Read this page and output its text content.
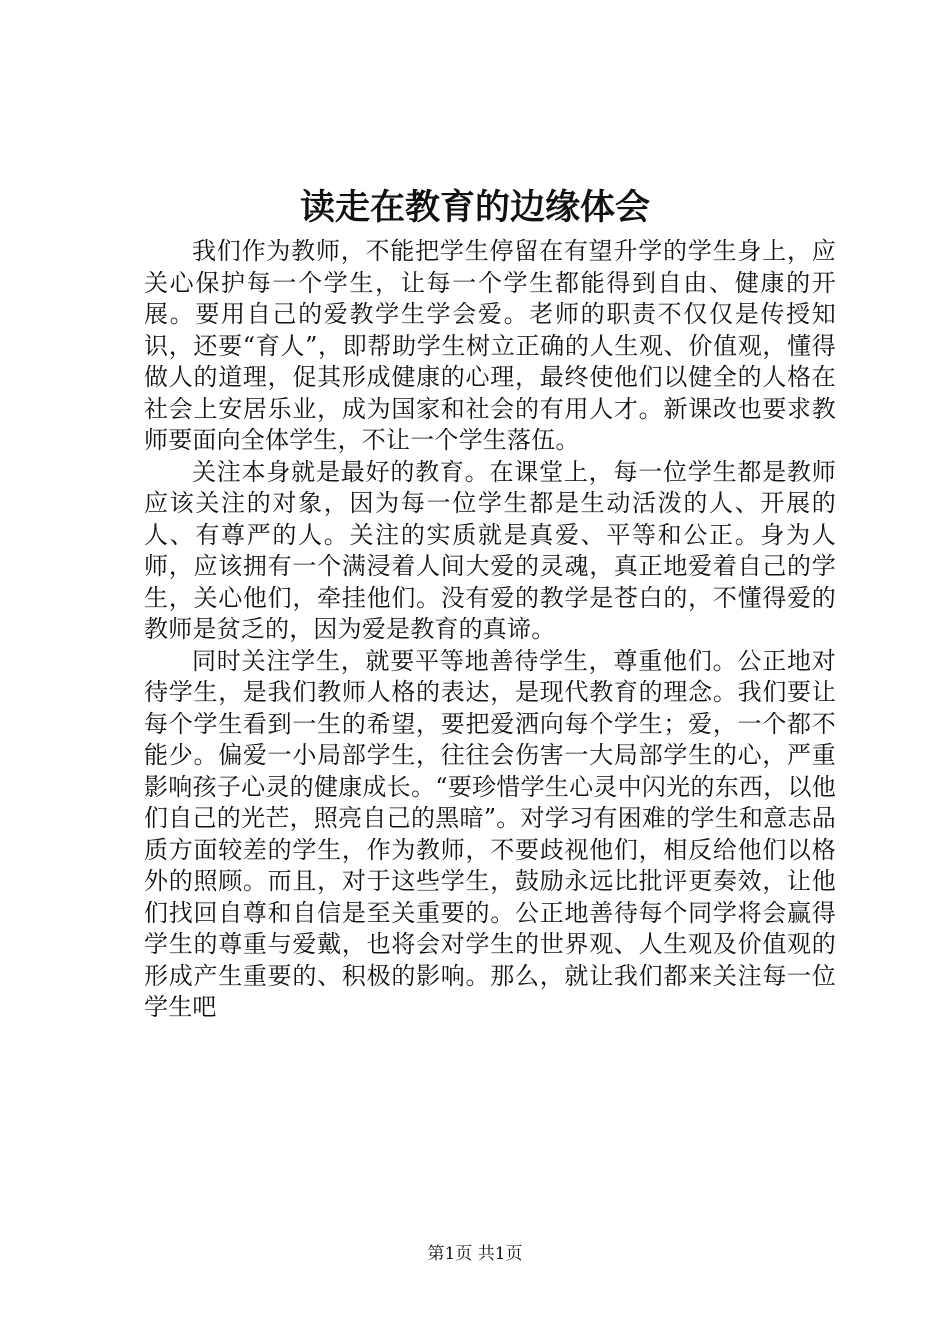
读走在教育的边缘体会

我们作为教师，不能把学生停留在有望升学的学生身上，应关心保护每一个学生，让每一个学生都能得到自由、健康的开展。要用自己的爱教学生学会爱。老师的职责不仅仅是传授知识，还要“育人”，即帮助学生树立正确的人生观、价值观，懂得做人的道理，促其形成健康的心理，最终使他们以健全的人格在社会上安居乐业，成为国家和社会的有用人才。新课改也要求教师要面向全体学生，不让一个学生落伍。

关注本身就是最好的教育。在课堂上，每一位学生都是教师应该关注的对象，因为每一位学生都是生动活泼的人、开展的人、有尊严的人。关注的实质就是真爱、平等和公正。身为人师，应该拥有一个满浸着人间大爱的灵魂，真正地爱着自己的学生，关心他们，牵挂他们。没有爱的教学是苍白的，不懂得爱的教师是贫乏的，因为爱是教育的真谛。

同时关注学生，就要平等地善待学生，尊重他们。公正地对待学生，是我们教师人格的表达，是现代教育的理念。我们要让每个学生看到一生的希望，要把爱洒向每个学生；爱，一个都不能少。偏爱一小局部学生，往往会伤害一大局部学生的心，严重影响孩子心灵的健康成长。“要珍惜学生心灵中闪光的东西，以他们自己的光芒，照亮自己的黑暗”。对学习有困难的学生和意志品质方面较差的学生，作为教师，不要歧视他们，相反给他们以格外的照顾。而且，对于这些学生，鼓励永远比批评更奏效，让他们找回自尊和自信是至关重要的。公正地善待每个同学将会赢得学生的尊重与爱戴，也将会对学生的世界观、人生观及价值观的形成产生重要的、积极的影响。那么，就让我们都来关注每一位学生吧

第1页 共1页
